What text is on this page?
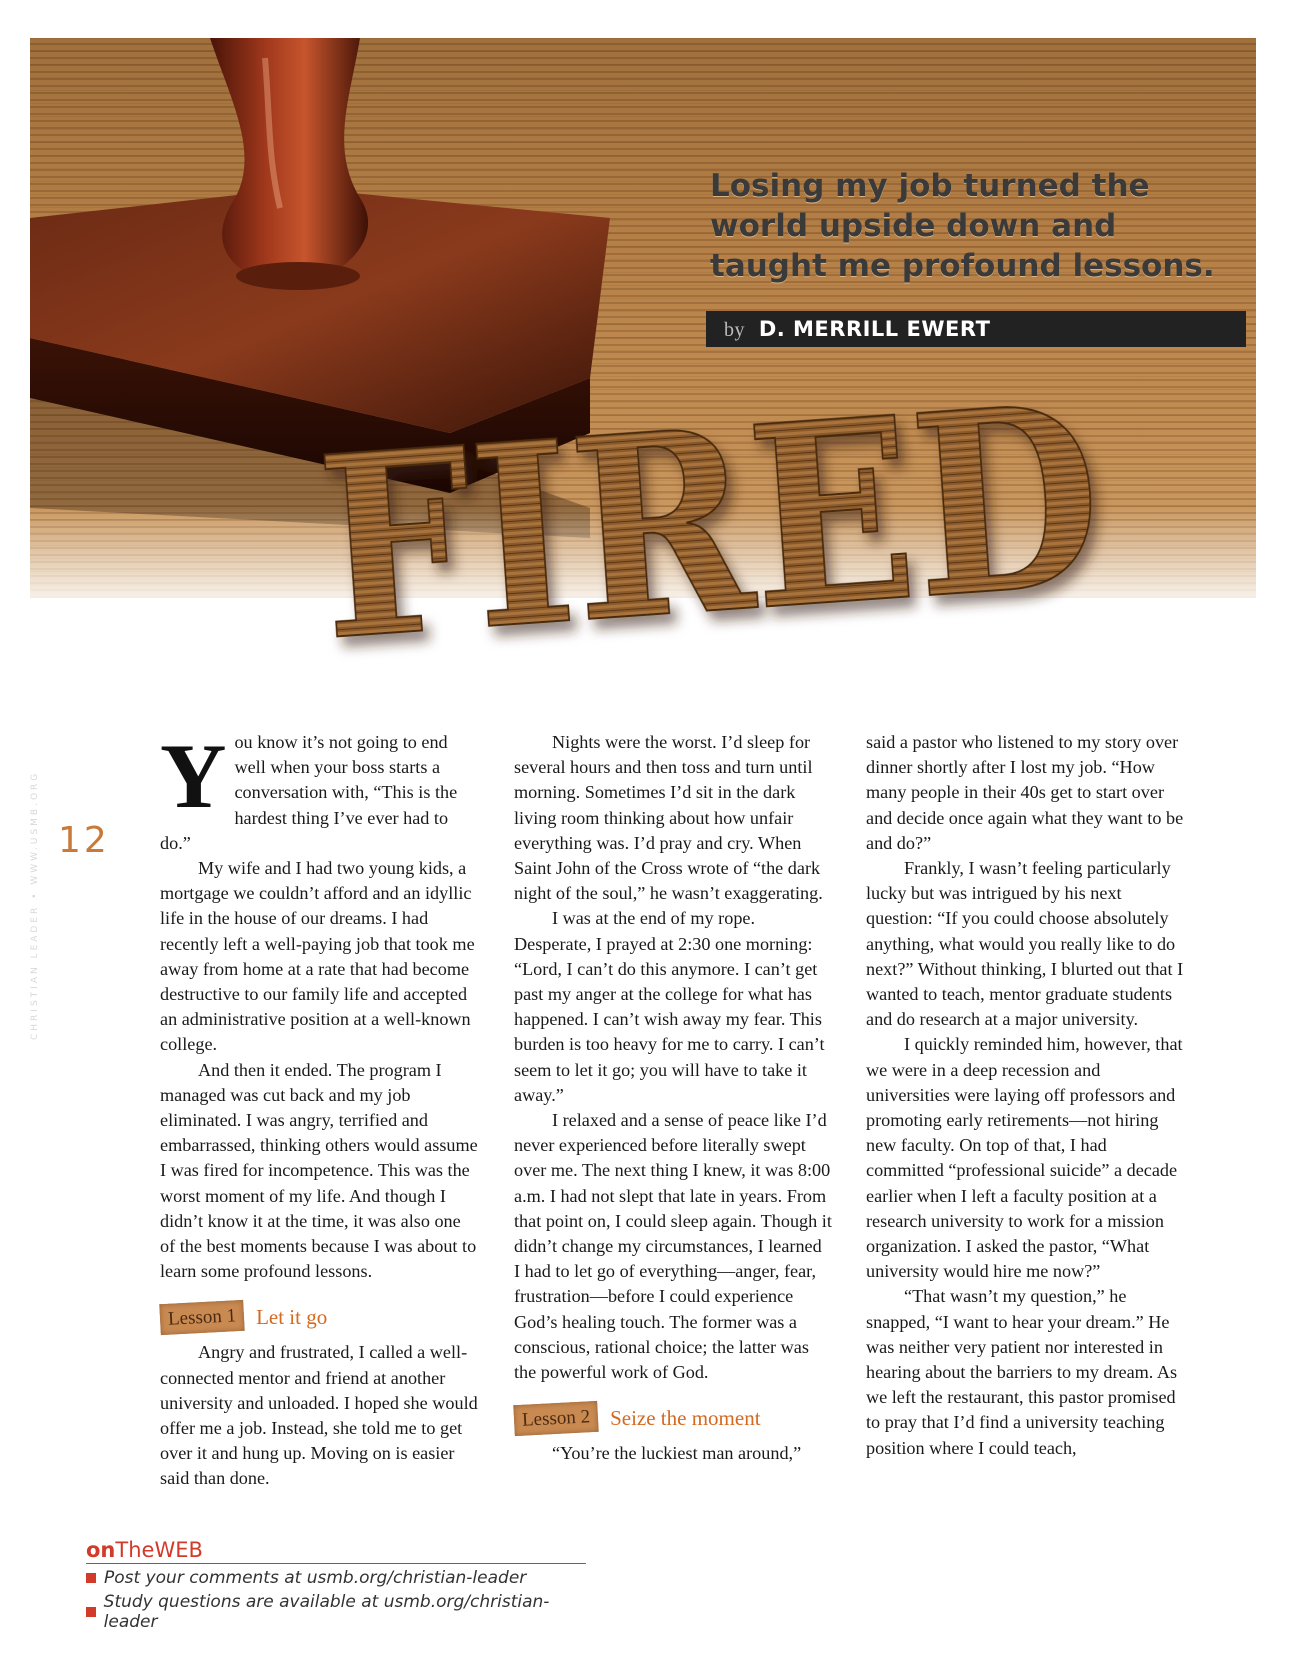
Losing my job turned the world upside down and taught me profound lessons.
by D. MERRILL EWERT
FIRED
CHRISTIAN LEADER • WWW.USMB.ORG 12

You know it’s not going to end well when your boss starts a conversation with, “This is the hardest thing I’ve ever had to do.”

My wife and I had two young kids, a mortgage we couldn’t afford and an idyllic life in the house of our dreams. I had recently left a well-paying job that took me away from home at a rate that had become destructive to our family life and accepted an administrative position at a well-known college.

And then it ended. The program I managed was cut back and my job eliminated. I was angry, terrified and embarrassed, thinking others would assume I was fired for incompetence. This was the worst moment of my life. And though I didn’t know it at the time, it was also one of the best moments because I was about to learn some profound lessons.

Lesson 1 Let it go

Angry and frustrated, I called a well-connected mentor and friend at another university and unloaded. I hoped she would offer me a job. Instead, she told me to get over it and hung up. Moving on is easier said than done.

Nights were the worst. I’d sleep for several hours and then toss and turn until morning. Sometimes I’d sit in the dark living room thinking about how unfair everything was. I’d pray and cry. When Saint John of the Cross wrote of “the dark night of the soul,” he wasn’t exaggerating.

I was at the end of my rope. Desperate, I prayed at 2:30 one morning: “Lord, I can’t do this anymore. I can’t get past my anger at the college for what has happened. I can’t wish away my fear. This burden is too heavy for me to carry. I can’t seem to let it go; you will have to take it away.”

I relaxed and a sense of peace like I’d never experienced before literally swept over me. The next thing I knew, it was 8:00 a.m. I had not slept that late in years. From that point on, I could sleep again. Though it didn’t change my circumstances, I learned I had to let go of everything—anger, fear, frustration—before I could experience God’s healing touch. The former was a conscious, rational choice; the latter was the powerful work of God.

Lesson 2 Seize the moment

“You’re the luckiest man around,”

said a pastor who listened to my story over dinner shortly after I lost my job. “How many people in their 40s get to start over and decide once again what they want to be and do?”

Frankly, I wasn’t feeling particularly lucky but was intrigued by his next question: “If you could choose absolutely anything, what would you really like to do next?” Without thinking, I blurted out that I wanted to teach, mentor graduate students and do research at a major university.

I quickly reminded him, however, that we were in a deep recession and universities were laying off professors and promoting early retirements—not hiring new faculty. On top of that, I had committed “professional suicide” a decade earlier when I left a faculty position at a research university to work for a mission organization. I asked the pastor, “What university would hire me now?”

“That wasn’t my question,” he snapped, “I want to hear your dream.” He was neither very patient nor interested in hearing about the barriers to my dream. As we left the restaurant, this pastor promised to pray that I’d find a university teaching position where I could teach,

onTheWEB
Post your comments at usmb.org/christian-leader
Study questions are available at usmb.org/christian-leader
